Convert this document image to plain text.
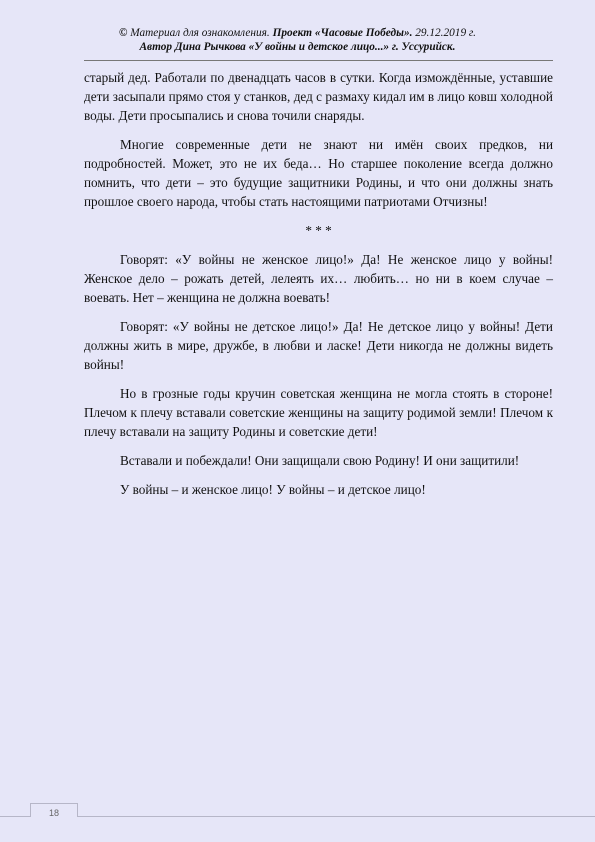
© Материал для ознакомления. Проект «Часовые Победы». 29.12.2019 г.
Автор Дина Рычкова «У войны и детское лицо...» г. Уссурийск.

старый дед. Работали по двенадцать часов в сутки. Когда измождённые, уставшие дети засыпали прямо стоя у станков, дед с размаху кидал им в лицо ковш холодной воды. Дети просыпались и снова точили снаряды.

Многие современные дети не знают ни имён своих предков, ни подробностей. Может, это не их беда… Но старшее поколение всегда должно помнить, что дети – это будущие защитники Родины, и что они должны знать прошлое своего народа, чтобы стать настоящими патриотами Отчизны!

* * *

Говорят: «У войны не женское лицо!» Да! Не женское лицо у войны! Женское дело – рожать детей, лелеять их… любить… но ни в коем случае – воевать. Нет – женщина не должна воевать!

Говорят: «У войны не детское лицо!» Да! Не детское лицо у войны! Дети должны жить в мире, дружбе, в любви и ласке! Дети никогда не должны видеть войны!

Но в грозные годы кручин советская женщина не могла стоять в стороне! Плечом к плечу вставали советские женщины на защиту родимой земли! Плечом к плечу вставали на защиту Родины и советские дети!

Вставали и побеждали! Они защищали свою Родину! И они защитили!

У войны – и женское лицо! У войны – и детское лицо!

18
